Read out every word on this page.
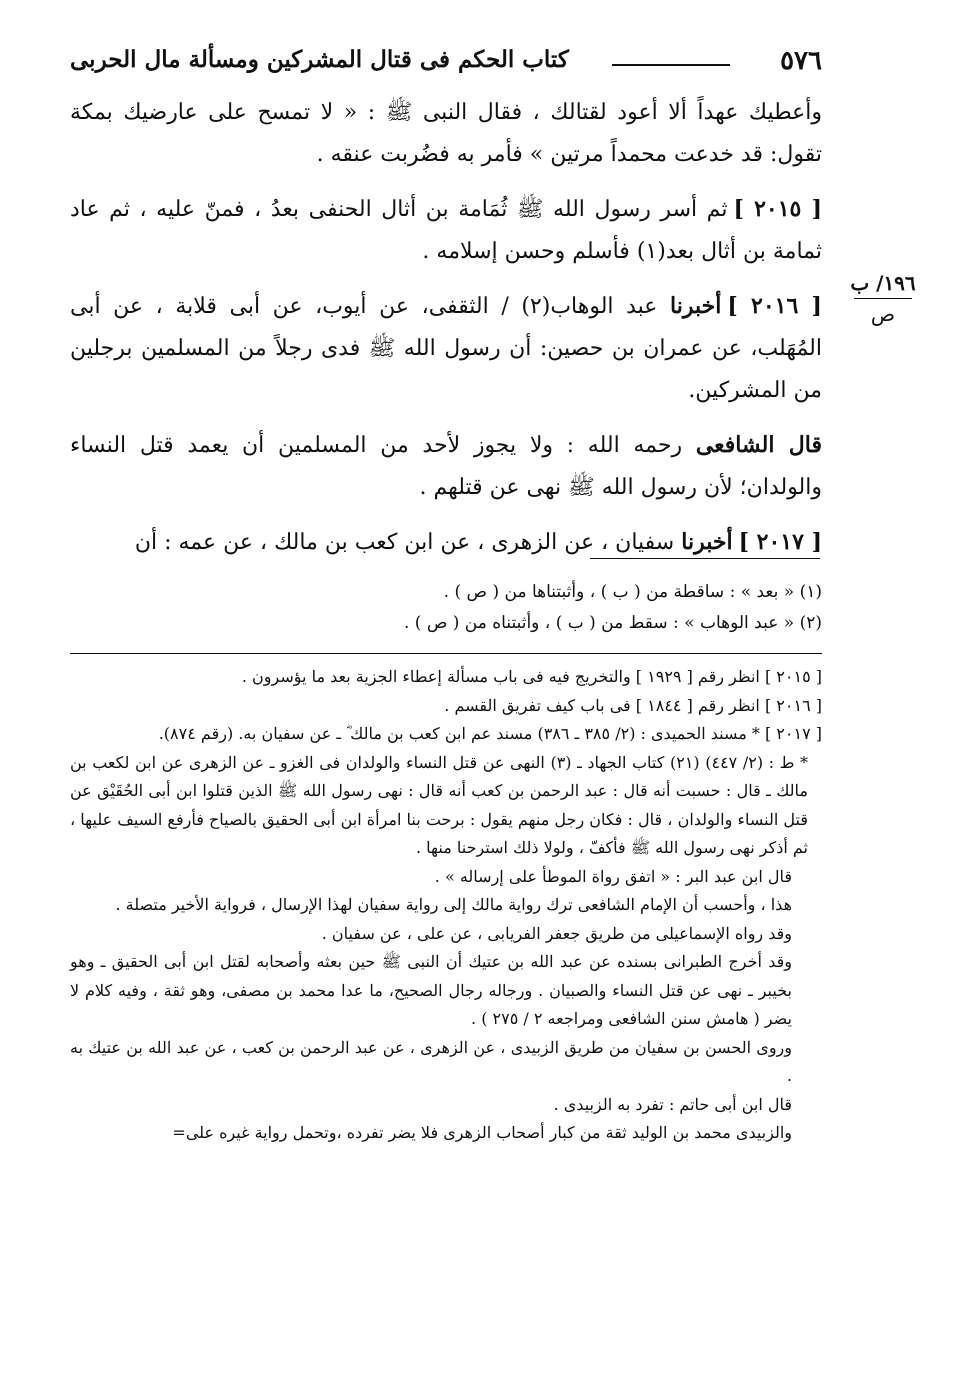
٥٧٦
كتاب الحكم فى قتال المشركين ومسألة مال الحربى
١٩٦/ ب
ص

وأعطيك عهداً ألا أعود لقتالك ، فقال النبى ﷺ : « لا تمسح على عارضيك بمكة تقول: قد خدعت محمداً مرتين » فأمر به فضُربت عنقه .

[ ٢٠١٥ ]ثم أسر رسول الله ﷺ ثُمَامة بن أثال الحنفى بعدُ ، فمنّ عليه ، ثم عاد ثمامة بن أثال بعد(١) فأسلم وحسن إسلامه .

[ ٢٠١٦ ]أخبرنا عبد الوهاب(٢) / الثقفى، عن أيوب، عن أبى قلابة ، عن أبى المُهَلب، عن عمران بن حصين: أن رسول الله ﷺ فدى رجلاً من المسلمين برجلين من المشركين.

قال الشافعى رحمه الله : ولا يجوز لأحد من المسلمين أن يعمد قتل النساء والولدان؛ لأن رسول الله ﷺ نهى عن قتلهم .

[ ٢٠١٧ ]أخبرنا سفيان ، عن الزهرى ، عن ابن كعب بن مالك ، عن عمه : أن

(١) « بعد » : ساقطة من ( ب ) ، وأثبتناها من ( ص ) .

(٢) « عبد الوهاب » : سقط من ( ب ) ، وأثبتناه من ( ص ) .

[ ٢٠١٥ ] انظر رقم [ ١٩٢٩ ] والتخريج فيه فى باب مسألة إعطاء الجزية بعد ما يؤسرون .

[ ٢٠١٦ ] انظر رقم [ ١٨٤٤ ] فى باب كيف تفريق القسم .

[ ٢٠١٧ ] * مسند الحميدى : (٢/ ٣٨٥ ـ ٣٨٦) مسند عم ابن كعب بن مالك ؓ ـ عن سفيان به. (رقم ٨٧٤).

* ط : (٢/ ٤٤٧) (٢١) كتاب الجهاد ـ (٣) النهى عن قتل النساء والولدان فى الغزو ـ عن الزهرى عن ابن لكعب بن مالك ـ قال : حسبت أنه قال : عبد الرحمن بن كعب أنه قال : نهى رسول الله ﷺ الذين قتلوا ابن أبى الحُقَيْق عن قتل النساء والولدان ، قال : فكان رجل منهم يقول : برحت بنا امرأة ابن أبى الحقيق بالصياح فأرفع السيف عليها ، ثم أذكر نهى رسول الله ﷺ فأكفّ ، ولولا ذلك استرحنا منها .

قال ابن عبد البر : « اتفق رواة الموطأ على إرساله » .

هذا ، وأحسب أن الإمام الشافعى ترك رواية مالك إلى رواية سفيان لهذا الإرسال ، فرواية الأخير متصلة .

وقد رواه الإسماعيلى من طريق جعفر الفريابى ، عن على ، عن سفيان .

وقد أخرج الطبرانى بسنده عن عبد الله بن عتيك أن النبى ﷺ حين بعثه وأصحابه لقتل ابن أبى الحقيق ـ وهو بخيبر ـ نهى عن قتل النساء والصبيان . ورجاله رجال الصحيح، ما عدا محمد بن مصفى، وهو ثقة ، وفيه كلام لا يضر ( هامش سنن الشافعى ومراجعه ٢ / ٢٧٥ ) .

وروى الحسن بن سفيان من طريق الزبيدى ، عن الزهرى ، عن عبد الرحمن بن كعب ، عن عبد الله بن عتيك به .

قال ابن أبى حاتم : تفرد به الزبيدى .

والزبيدى محمد بن الوليد ثقة من كبار أصحاب الزهرى فلا يضر تفرده ،وتحمل رواية غيره على=
